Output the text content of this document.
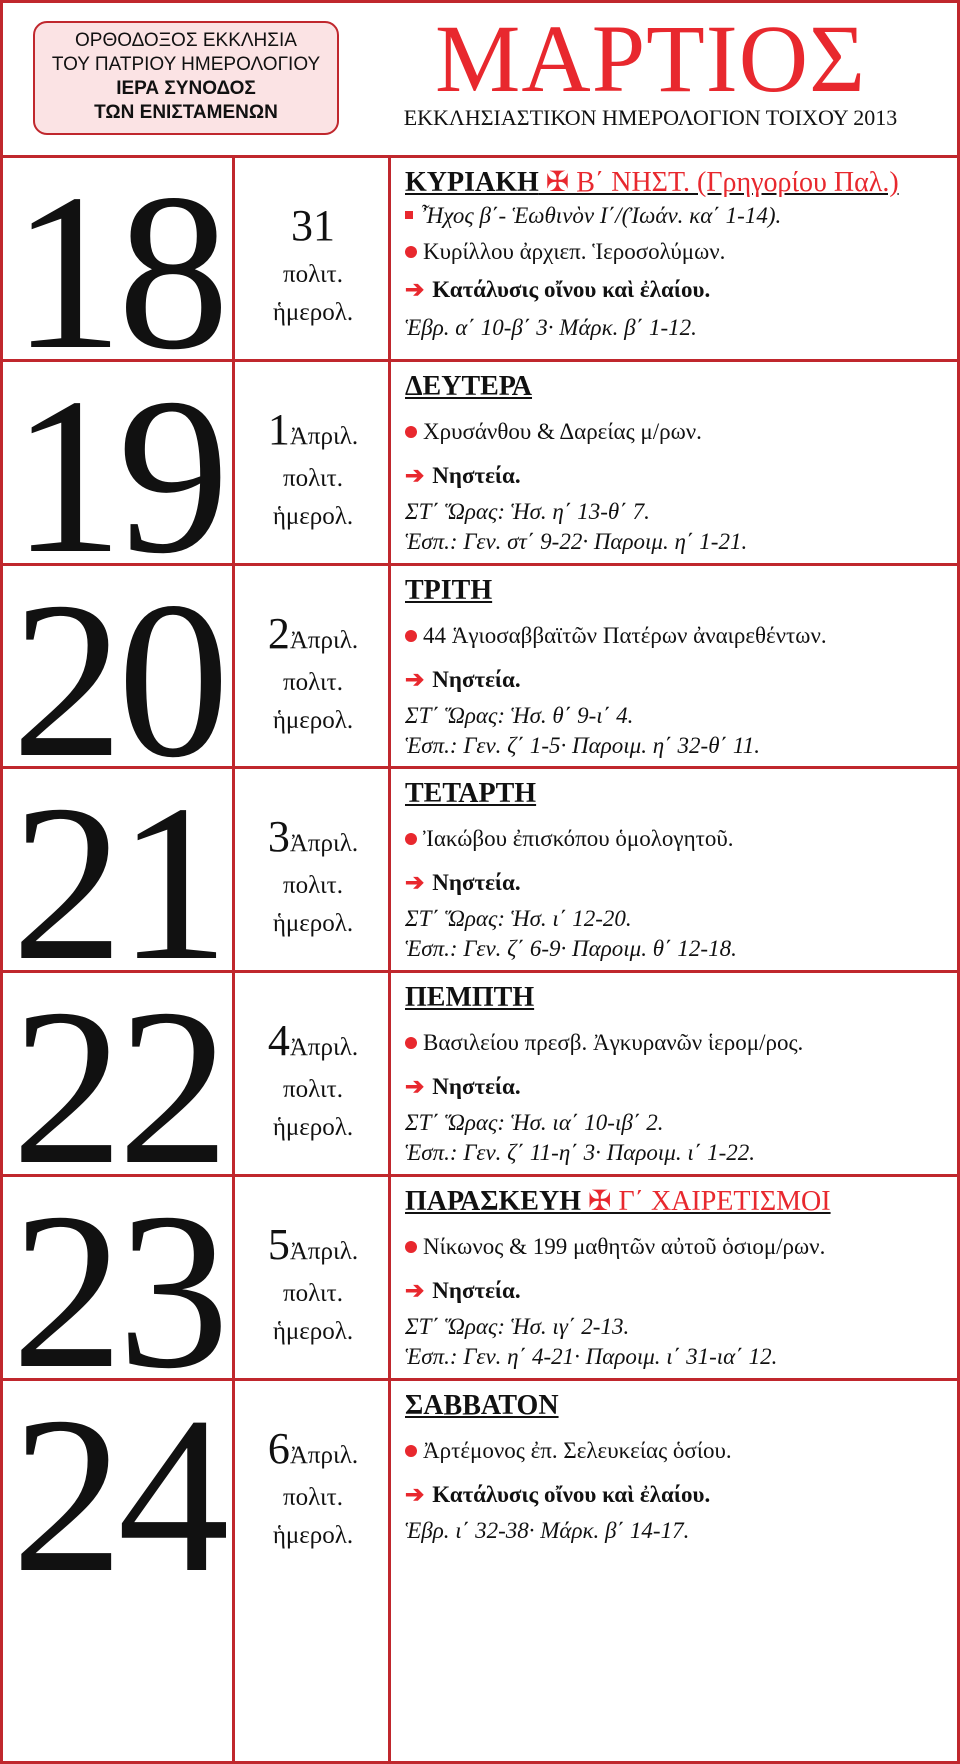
ΟΡΘΟΔΟΞΟΣ ΕΚΚΛΗΣΙΑ
ΤΟΥ ΠΑΤΡΙΟΥ ΗΜΕΡΟΛΟΓΙΟΥ
ΙΕΡΑ ΣΥΝΟΔΟΣ
ΤΩΝ ΕΝΙΣΤΑΜΕΝΩΝ
ΜΑΡΤΙΟΣ
ΕΚΚΛΗΣΙΑΣΤΙΚΟΝ ΗΜΕΡΟΛΟΓΙΟΝ ΤΟΙΧΟΥ 2013
18	31
πολιτ.
ἡμερολ.
ΚΥΡΙΑΚΗ ✠ Β΄ ΝΗΣΤ. (Γρηγορίου Παλ.)
Ἦχος β΄- Ἑωθινὸν Ι΄/(Ἰωάν. κα΄ 1-14).
Κυρίλλου ἀρχιεπ. Ἱεροσολύμων.
➔ Κατάλυσις οἴνου καὶ ἐλαίου.
Ἑβρ. α΄ 10-β΄ 3· Μάρκ. β΄ 1-12.
19	1Ἀπριλ.
πολιτ.
ἡμερολ.
ΔΕΥΤΕΡΑ
Χρυσάνθου & Δαρείας μ/ρων.
➔ Νηστεία.
ΣΤ΄ Ὥρας: Ἡσ. η΄ 13-θ΄ 7.
Ἑσπ.: Γεν. στ΄ 9-22· Παροιμ. η΄ 1-21.
20	2Ἀπριλ.
πολιτ.
ἡμερολ.
ΤΡΙΤΗ
44 Ἁγιοσαββαϊτῶν Πατέρων ἀναιρεθέντων.
➔ Νηστεία.
ΣΤ΄ Ὥρας: Ἡσ. θ΄ 9-ι΄ 4.
Ἑσπ.: Γεν. ζ΄ 1-5· Παροιμ. η΄ 32-θ΄ 11.
21	3Ἀπριλ.
πολιτ.
ἡμερολ.
ΤΕΤΑΡΤΗ
Ἰακώβου ἐπισκόπου ὁμολογητοῦ.
➔ Νηστεία.
ΣΤ΄ Ὥρας: Ἡσ. ι΄ 12-20.
Ἑσπ.: Γεν. ζ΄ 6-9· Παροιμ. θ΄ 12-18.
22	4Ἀπριλ.
πολιτ.
ἡμερολ.
ΠΕΜΠΤΗ
Βασιλείου πρεσβ. Ἀγκυρανῶν ἱερομ/ρος.
➔ Νηστεία.
ΣΤ΄ Ὥρας: Ἡσ. ια΄ 10-ιβ΄ 2.
Ἑσπ.: Γεν. ζ΄ 11-η΄ 3· Παροιμ. ι΄ 1-22.
23	5Ἀπριλ.
πολιτ.
ἡμερολ.
ΠΑΡΑΣΚΕΥΗ ✠ Γ΄ ΧΑΙΡΕΤΙΣΜΟΙ
Νίκωνος & 199 μαθητῶν αὐτοῦ ὁσιομ/ρων.
➔ Νηστεία.
ΣΤ΄ Ὥρας: Ἡσ. ιγ΄ 2-13.
Ἑσπ.: Γεν. η΄ 4-21· Παροιμ. ι΄ 31-ια΄ 12.
24	6Ἀπριλ.
πολιτ.
ἡμερολ.
ΣΑΒΒΑΤΟΝ
Ἀρτέμονος ἐπ. Σελευκείας ὁσίου.
➔ Κατάλυσις οἴνου καὶ ἐλαίου.
Ἑβρ. ι΄ 32-38· Μάρκ. β΄ 14-17.
